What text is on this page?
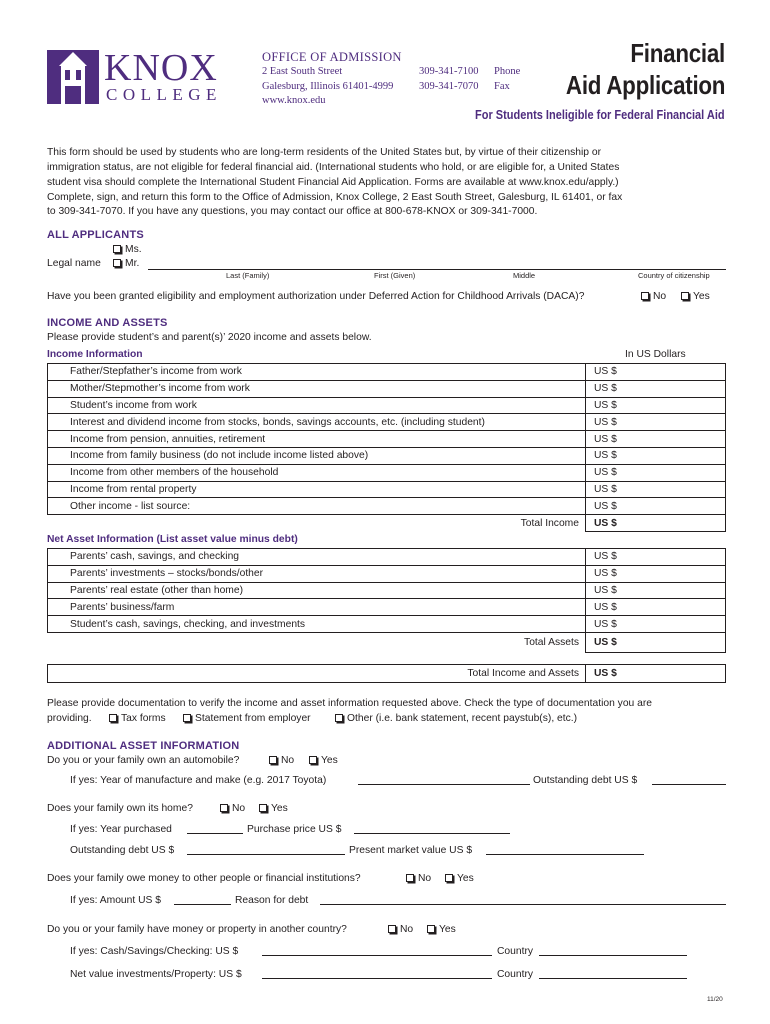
KNOX
COLLEGE
OFFICE OF ADMISSION
2 East South Street
Galesburg, Illinois 61401-4999
www.knox.edu
309-341-7100 Phone
309-341-7070 Fax
Financial
Aid Application
For Students Ineligible for Federal Financial Aid
This form should be used by students who are long-term residents of the United States but, by virtue of their citizenship or
immigration status, are not eligible for federal financial aid. (International students who hold, or are eligible for, a United States
student visa should complete the International Student Financial Aid Application. Forms are available at www.knox.edu/apply.)
Complete, sign, and return this form to the Office of Admission, Knox College, 2 East South Street, Galesburg, IL 61401, or fax
to 309-341-7070. If you have any questions, you may contact our office at 800-678-KNOX or 309-341-7000.
ALL APPLICANTS
Ms.
Legal name	Mr.
Last (Family)	First (Given)	Middle	Country of citizenship
Have you been granted eligibility and employment authorization under Deferred Action for Childhood Arrivals (DACA)?	No	Yes
INCOME AND ASSETS
Please provide student’s and parent(s)’ 2020 income and assets below.
Income Information	In US Dollars
Father/Stepfather’s income from work	US $
Mother/Stepmother’s income from work	US $
Student’s income from work	US $
Interest and dividend income from stocks, bonds, savings accounts, etc. (including student)	US $
Income from pension, annuities, retirement	US $
Income from family business (do not include income listed above)	US $
Income from other members of the household	US $
Income from rental property	US $
Other income - list source:	US $
Total Income	US $
Net Asset Information (List asset value minus debt)
Parents’ cash, savings, and checking	US $
Parents’ investments – stocks/bonds/other	US $
Parents’ real estate (other than home)	US $
Parents’ business/farm	US $
Student’s cash, savings, checking, and investments	US $
Total Assets	US $
Total Income and Assets	US $
Please provide documentation to verify the income and asset information requested above. Check the type of documentation you are
providing.	Tax forms	Statement from employer	Other (i.e. bank statement, recent paystub(s), etc.)
ADDITIONAL ASSET INFORMATION
Do you or your family own an automobile?	No	Yes
If yes: Year of manufacture and make (e.g. 2017 Toyota)	Outstanding debt US $
Does your family own its home?	No	Yes
If yes: Year purchased	Purchase price US $
Outstanding debt US $	Present market value US $
Does your family owe money to other people or financial institutions?	No	Yes
If yes: Amount US $	Reason for debt
Do you or your family have money or property in another country?	No	Yes
If yes: Cash/Savings/Checking: US $	Country
Net value investments/Property: US $	Country
11/20
